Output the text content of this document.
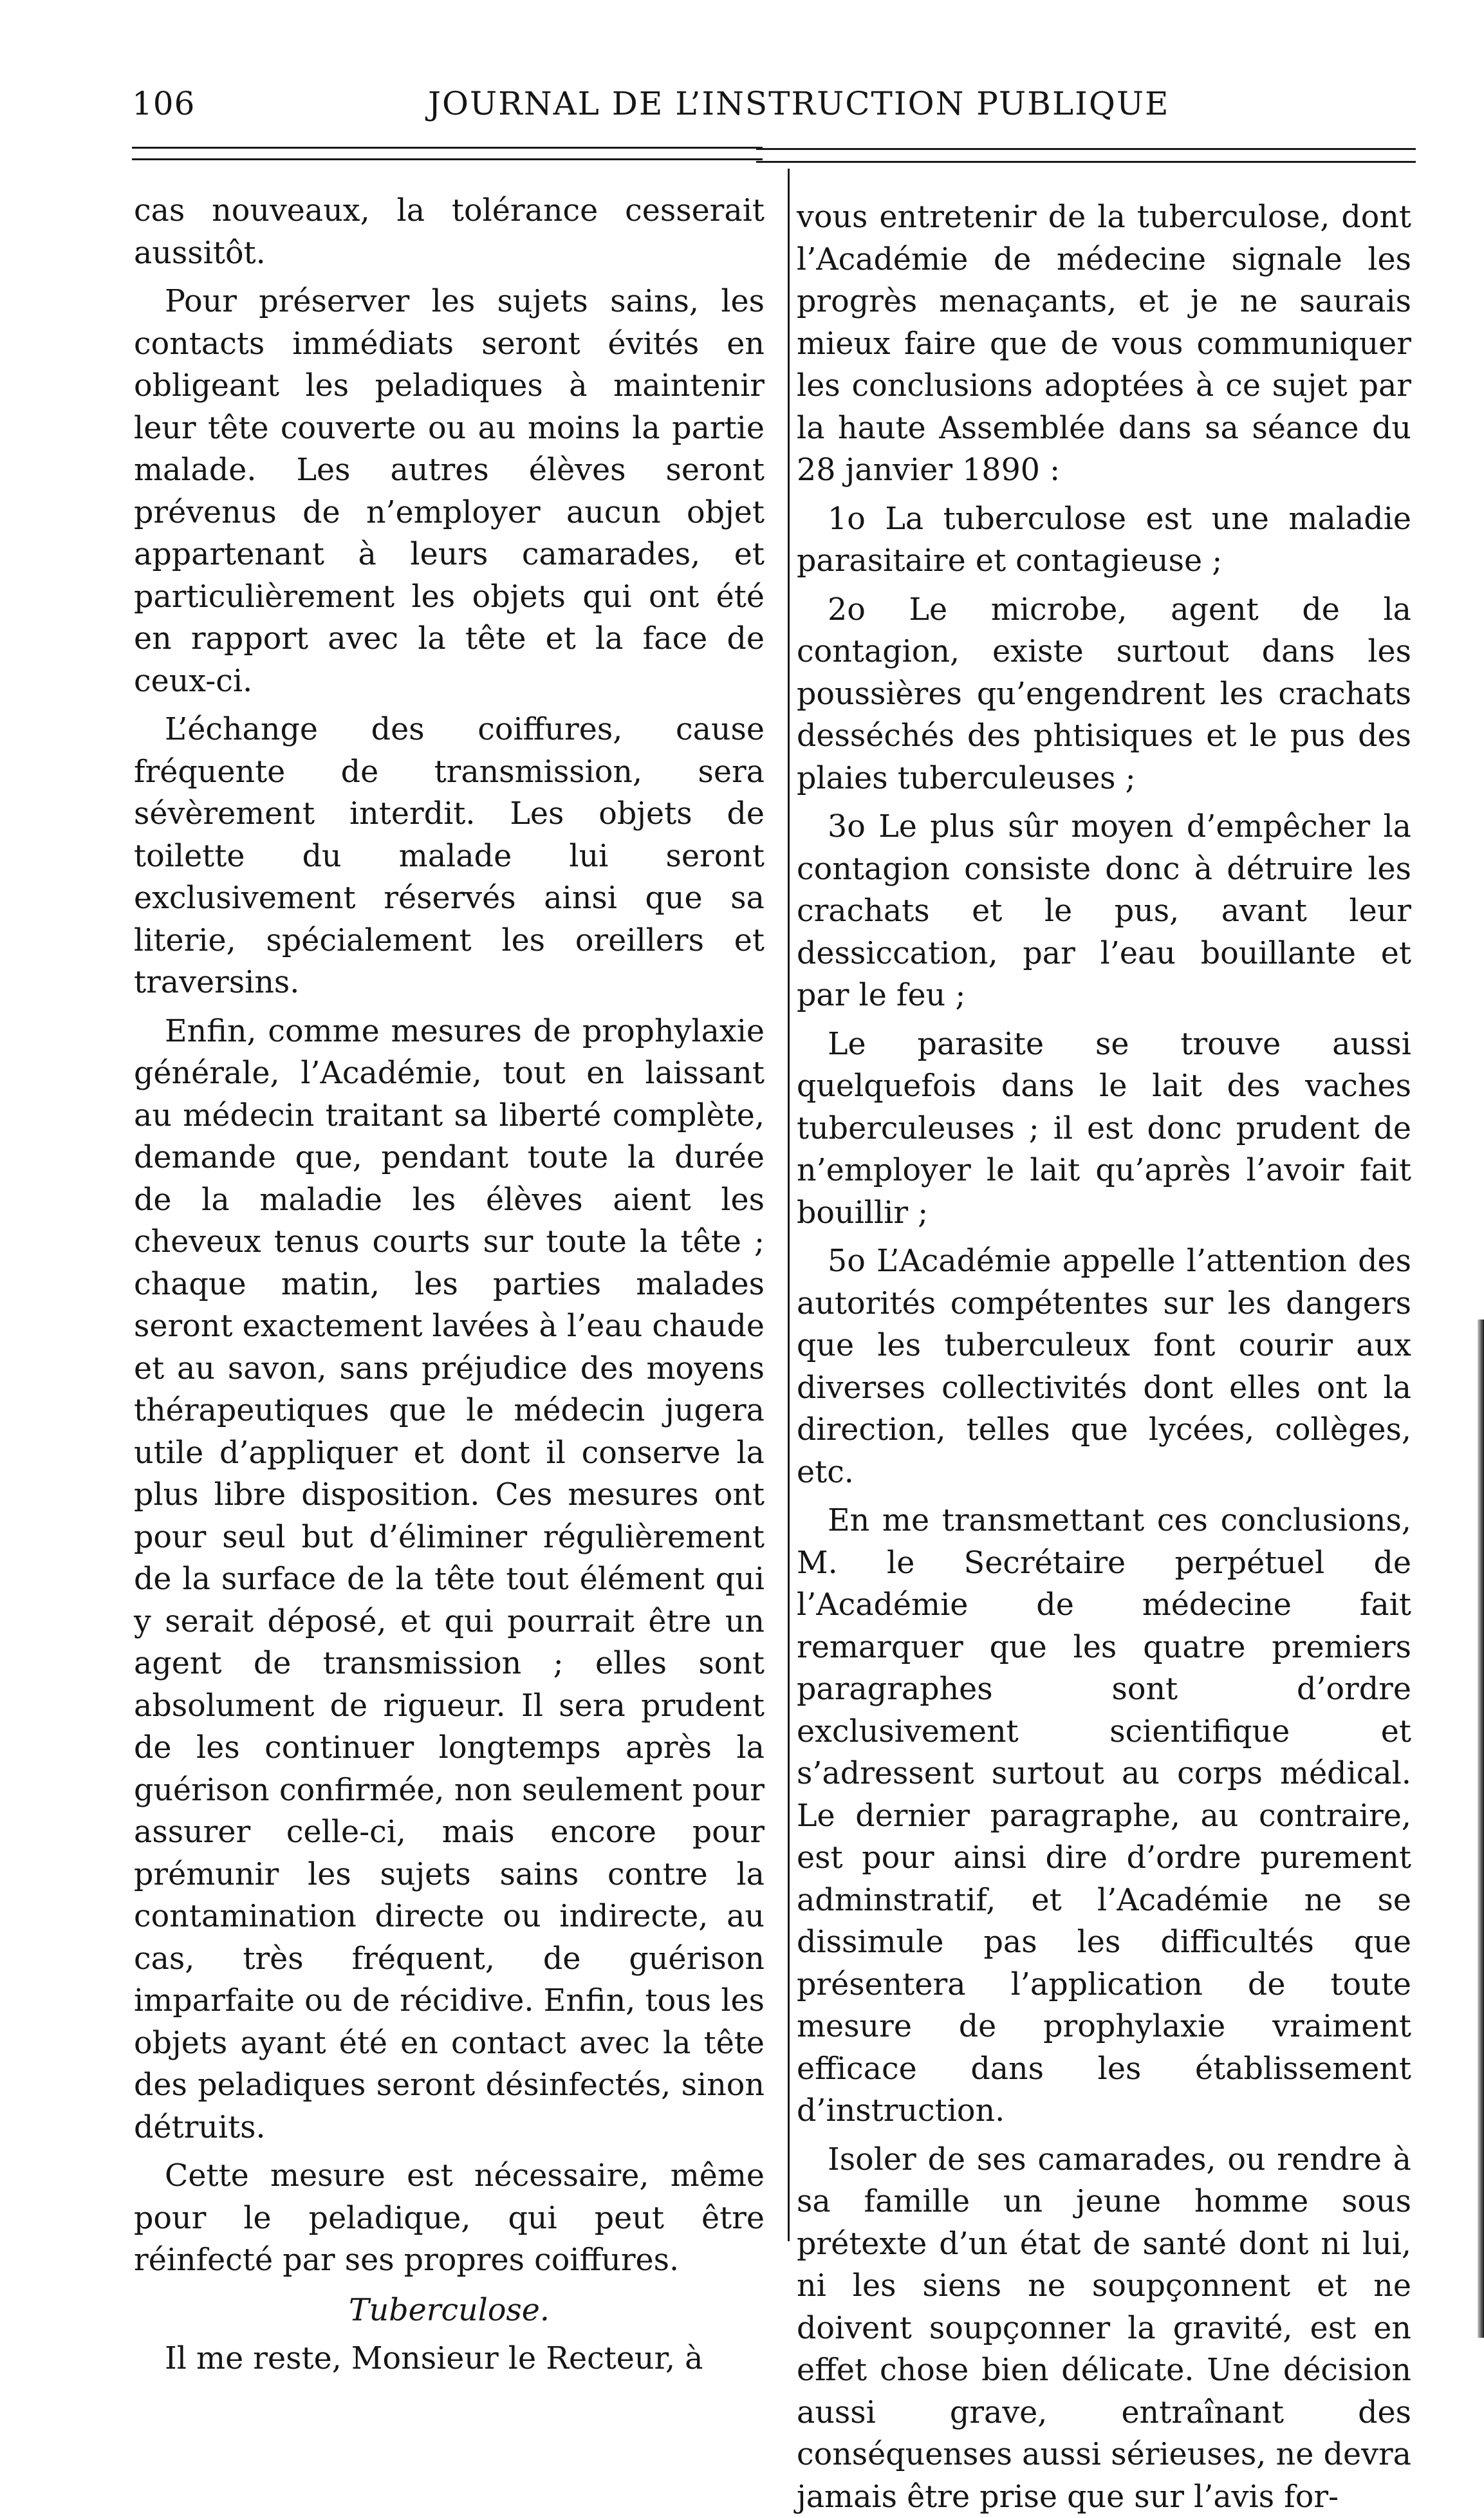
106	JOURNAL DE L’INSTRUCTION PUBLIQUE

cas nouveaux, la tolérance cesserait aussitôt.

Pour préserver les sujets sains, les contacts immédiats seront évités en obligeant les peladiques à maintenir leur tête couverte ou au moins la partie malade. Les autres élèves seront prévenus de n’employer aucun objet appartenant à leurs camarades, et particulièrement les objets qui ont été en rapport avec la tête et la face de ceux-ci.

L’échange des coiffures, cause fréquente de transmission, sera sévèrement interdit. Les objets de toilette du malade lui seront exclusivement réservés ainsi que sa literie, spécialement les oreillers et traversins.

Enfin, comme mesures de prophylaxie générale, l’Académie, tout en laissant au médecin traitant sa liberté complète, demande que, pendant toute la durée de la maladie les élèves aient les cheveux tenus courts sur toute la tête ; chaque matin, les parties malades seront exactement lavées à l’eau chaude et au savon, sans préjudice des moyens thérapeutiques que le médecin jugera utile d’appliquer et dont il conserve la plus libre disposition. Ces mesures ont pour seul but d’éliminer régulièrement de la surface de la tête tout élément qui y serait déposé, et qui pourrait être un agent de transmission ; elles sont absolument de rigueur. Il sera prudent de les continuer longtemps après la guérison confirmée, non seulement pour assurer celle-ci, mais encore pour prémunir les sujets sains contre la contamination directe ou indirecte, au cas, très fréquent, de guérison imparfaite ou de récidive. Enfin, tous les objets ayant été en contact avec la tête des peladiques seront désinfectés, sinon détruits.

Cette mesure est nécessaire, même pour le peladique, qui peut être réinfecté par ses propres coiffures.

Tuberculose.

Il me reste, Monsieur le Recteur, à

vous entretenir de la tuberculose, dont l’Académie de médecine signale les progrès menaçants, et je ne saurais mieux faire que de vous communiquer les conclusions adoptées à ce sujet par la haute Assemblée dans sa séance du 28 janvier 1890 :

1o La tuberculose est une maladie parasitaire et contagieuse ;

2o Le microbe, agent de la contagion, existe surtout dans les poussières qu’engendrent les crachats desséchés des phtisiques et le pus des plaies tuberculeuses ;

3o Le plus sûr moyen d’empêcher la contagion consiste donc à détruire les crachats et le pus, avant leur dessiccation, par l’eau bouillante et par le feu ;

Le parasite se trouve aussi quelquefois dans le lait des vaches tuberculeuses ; il est donc prudent de n’employer le lait qu’après l’avoir fait bouillir ;

5o L’Académie appelle l’attention des autorités compétentes sur les dangers que les tuberculeux font courir aux diverses collectivités dont elles ont la direction, telles que lycées, collèges, etc.

En me transmettant ces conclusions, M. le Secrétaire perpétuel de l’Académie de médecine fait remarquer que les quatre premiers paragraphes sont d’ordre exclusivement scientifique et s’adressent surtout au corps médical. Le dernier paragraphe, au contraire, est pour ainsi dire d’ordre purement adminstratif, et l’Académie ne se dissimule pas les difficultés que présentera l’application de toute mesure de prophylaxie vraiment efficace dans les établissement d’instruction.

Isoler de ses camarades, ou rendre à sa famille un jeune homme sous prétexte d’un état de santé dont ni lui, ni les siens ne soupçonnent et ne doivent soupçonner la gravité, est en effet chose bien délicate. Une décision aussi grave, entraînant des conséquenses aussi sérieuses, ne devra jamais être prise que sur l’avis for-
